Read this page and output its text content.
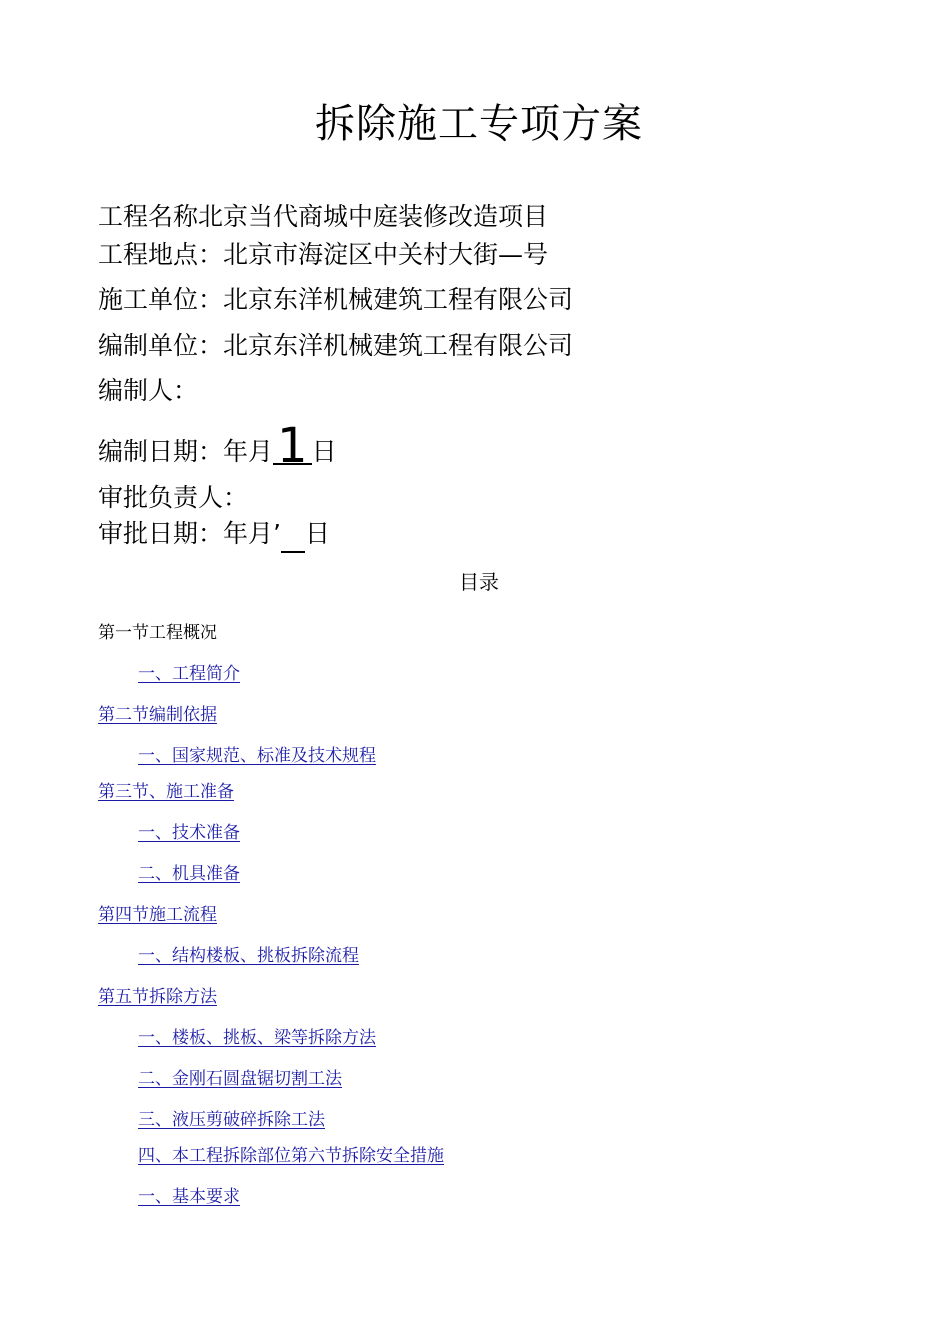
拆除施工专项方案
工程名称北京当代商城中庭装修改造项目
工程地点：北京市海淀区中关村大街—号
施工单位：北京东洋机械建筑工程有限公司
编制单位：北京东洋机械建筑工程有限公司
编制人：
编制日期：年月1 日
审批负责人：
审批日期：年月’ 日
目录
第一节工程概况
一、工程简介
第二节编制依据
一、国家规范、标准及技术规程
第三节、施工准备
一、技术准备
二、机具准备
第四节施工流程
一、结构楼板、挑板拆除流程
第五节拆除方法
一、楼板、挑板、梁等拆除方法
二、金刚石圆盘锯切割工法
三、液压剪破碎拆除工法
四、本工程拆除部位第六节拆除安全措施
一、基本要求
